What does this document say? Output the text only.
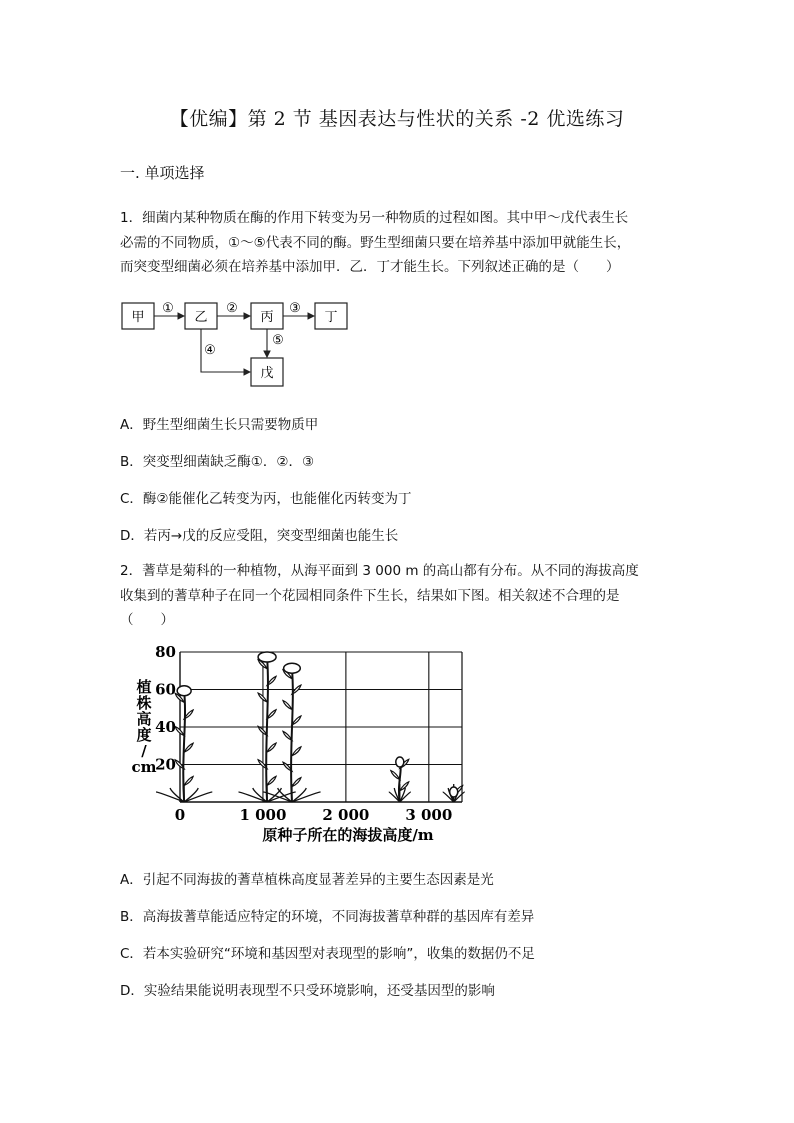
【优编】第 2 节 基因表达与性状的关系 -2 优选练习
一. 单项选择
1．细菌内某种物质在酶的作用下转变为另一种物质的过程如图。其中甲～戊代表生长
必需的不同物质，①～⑤代表不同的酶。野生型细菌只要在培养基中添加甲就能生长，
而突变型细菌必须在培养基中添加甲．乙．丁才能生长。下列叙述正确的是（　　）
甲	乙	丙	丁
戊
①	②	③
④
⑤
A．野生型细菌生长只需要物质甲
B．突变型细菌缺乏酶①．②．③
C．酶②能催化乙转变为丙，也能催化丙转变为丁
D．若丙→戊的反应受阻，突变型细菌也能生长
2．蓍草是菊科的一种植物，从海平面到 3 000 m 的高山都有分布。从不同的海拔高度
收集到的蓍草种子在同一个花园相同条件下生长，结果如下图。相关叙述不合理的是
（　　）
20
40
60
80
0	1 000 2 000 3 000
植
株
高
度
/
cm
原种子所在的海拔高度/m
A．引起不同海拔的蓍草植株高度显著差异的主要生态因素是光
B．高海拔蓍草能适应特定的环境，不同海拔蓍草种群的基因库有差异
C．若本实验研究“环境和基因型对表现型的影响”，收集的数据仍不足
D．实验结果能说明表现型不只受环境影响，还受基因型的影响
